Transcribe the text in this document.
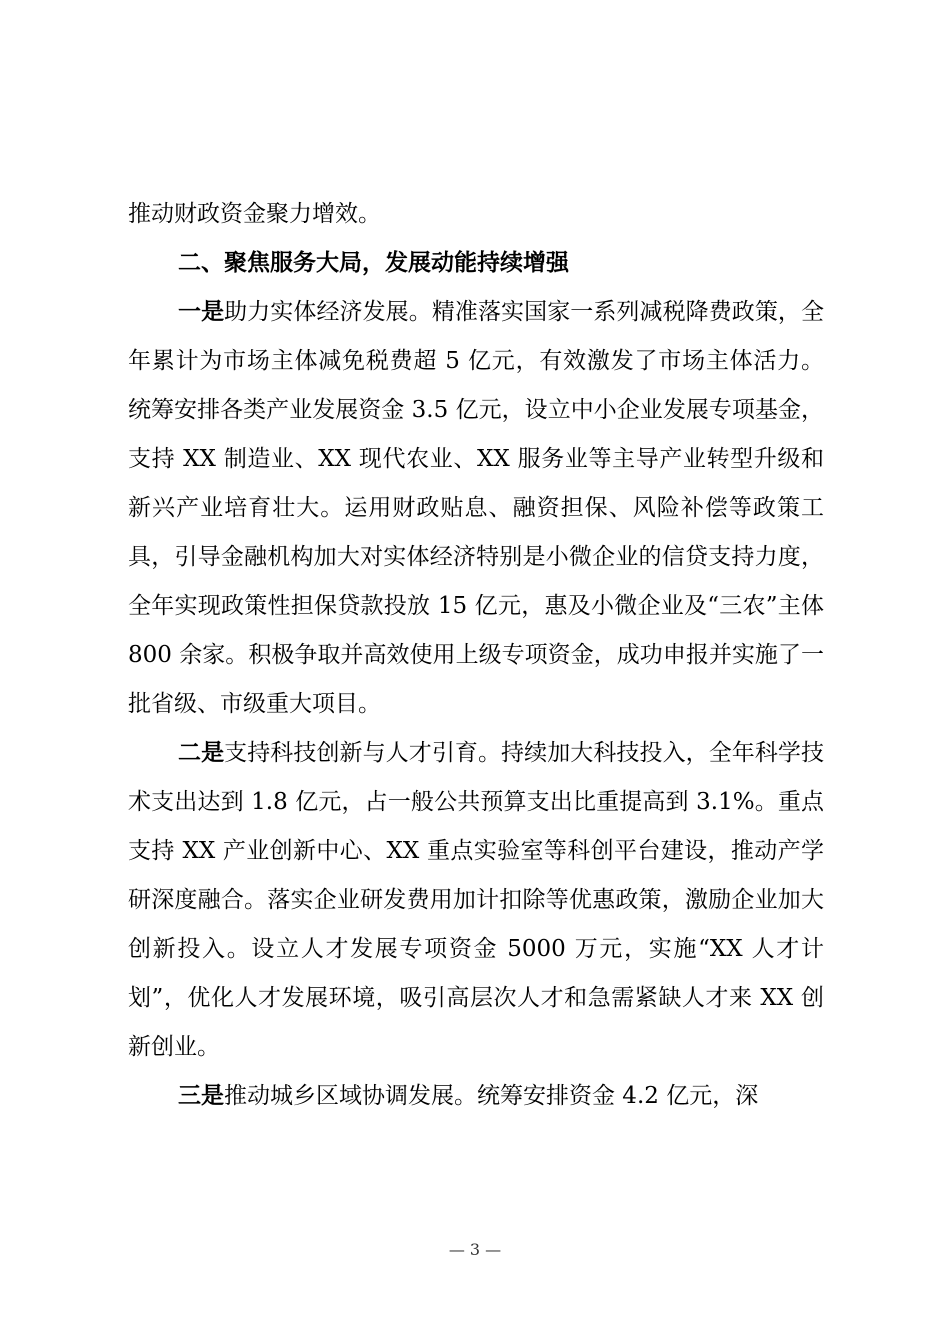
推动财政资金聚力增效。

二、聚焦服务大局，发展动能持续增强

一是助力实体经济发展。精准落实国家一系列减税降费政策，全年累计为市场主体减免税费超 5 亿元，有效激发了市场主体活力。统筹安排各类产业发展资金 3.5 亿元，设立中小企业发展专项基金，支持 XX 制造业、XX 现代农业、XX 服务业等主导产业转型升级和新兴产业培育壮大。运用财政贴息、融资担保、风险补偿等政策工具，引导金融机构加大对实体经济特别是小微企业的信贷支持力度，全年实现政策性担保贷款投放 15 亿元，惠及小微企业及“三农”主体 800 余家。积极争取并高效使用上级专项资金，成功申报并实施了一批省级、市级重大项目。

二是支持科技创新与人才引育。持续加大科技投入，全年科学技术支出达到 1.8 亿元，占一般公共预算支出比重提高到 3.1%。重点支持 XX 产业创新中心、XX 重点实验室等科创平台建设，推动产学研深度融合。落实企业研发费用加计扣除等优惠政策，激励企业加大创新投入。设立人才发展专项资金 5000 万元，实施“XX 人才计划”，优化人才发展环境，吸引高层次人才和急需紧缺人才来 XX 创新创业。

三是推动城乡区域协调发展。统筹安排资金 4.2 亿元，深

— 3 —
